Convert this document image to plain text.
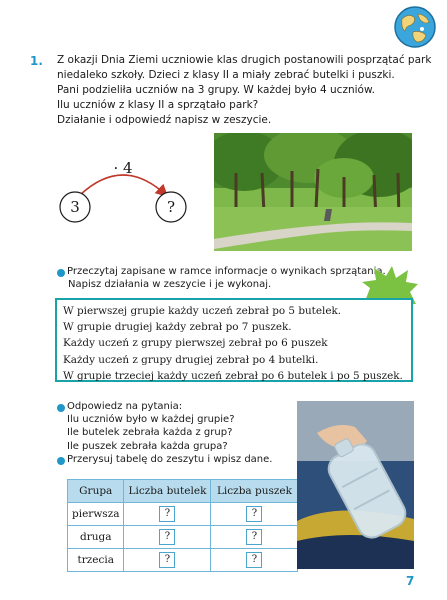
1. Z okazji Dnia Ziemi uczniowie klas drugich postanowili posprzątać park
niedaleko szkoły. Dzieci z klasy II a miały zebrać butelki i puszki.
Pani podzieliła uczniów na 3 grupy. W każdej było 4 uczniów.
Ilu uczniów z klasy II a sprzątało park?
Działanie i odpowiedź napisz w zeszycie.
· 4
3	?
Przeczytaj zapisane w ramce informacje o wynikach sprzątania.
Napisz działania w zeszycie i je wykonaj.
W pierwszej grupie każdy uczeń zebrał po 5 butelek.
W grupie drugiej każdy zebrał po 7 puszek.
Każdy uczeń z grupy pierwszej zebrał po 6 puszek
Każdy uczeń z grupy drugiej zebrał po 4 butelki.
W grupie trzeciej każdy uczeń zebrał po 6 butelek i po 5 puszek.
Odpowiedz na pytania:
Ilu uczniów było w każdej grupie?
Ile butelek zebrała każda z grup?
Ile puszek zebrała każda grupa?
Przerysuj tabelę do zeszytu i wpisz dane.
Grupa	Liczba butelek	Liczba puszek
pierwsza	?	?
druga	?	?
trzecia	?	?
7
